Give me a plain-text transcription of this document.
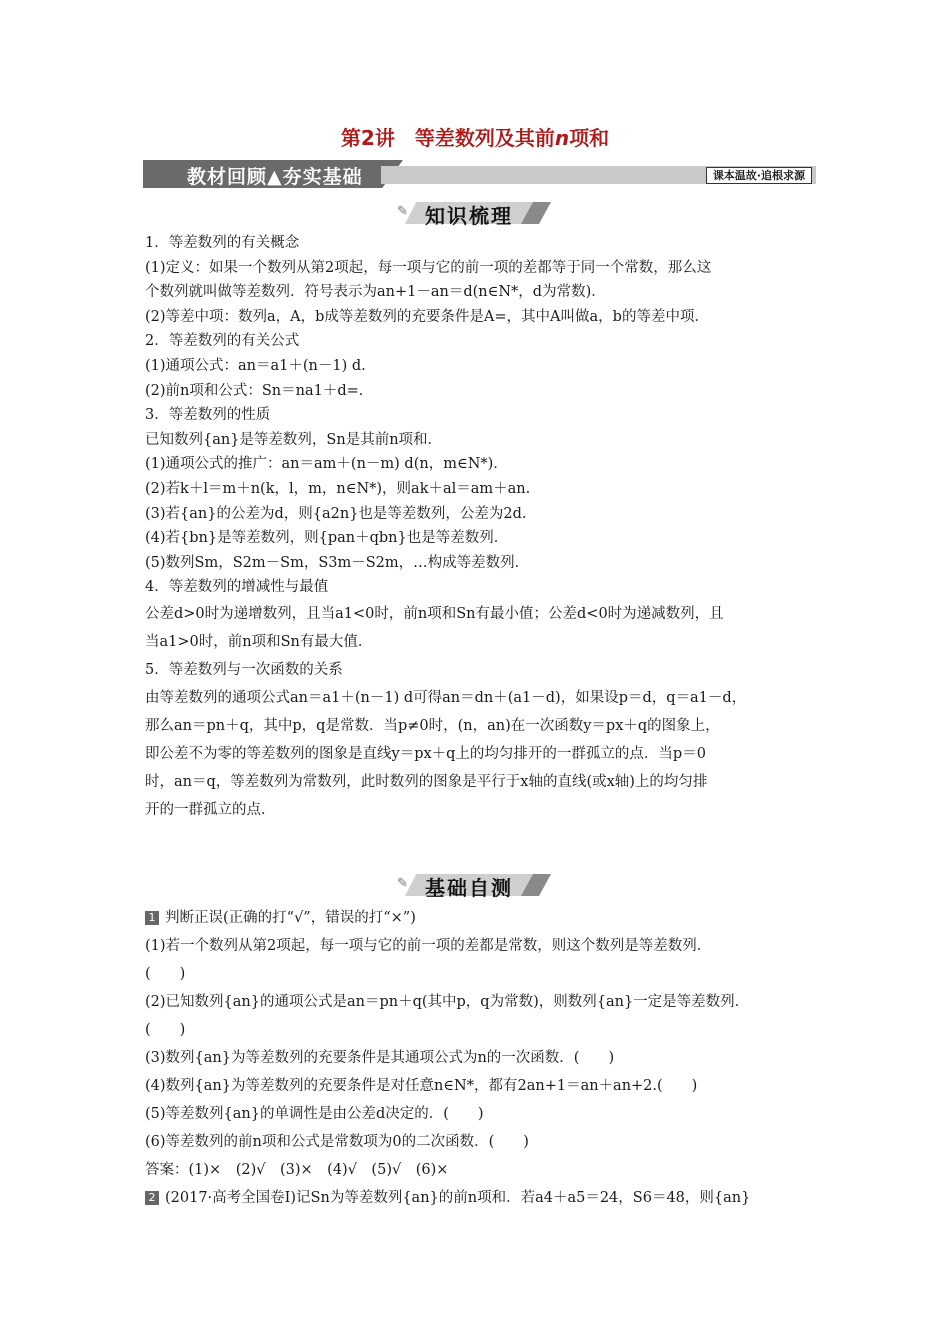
第2讲　等差数列及其前n项和
教材回顾▲夯实基础	课本温故·追根求源
✎ 知识梳理
1．等差数列的有关概念
(1)定义：如果一个数列从第2项起，每一项与它的前一项的差都等于同一个常数，那么这
个数列就叫做等差数列．符号表示为an+1－an＝d(n∈N*，d为常数)．
(2)等差中项：数列a，A，b成等差数列的充要条件是A=，其中A叫做a，b的等差中项．
2．等差数列的有关公式
(1)通项公式：an＝a1＋(n－1) d.
(2)前n项和公式：Sn＝na1＋d=．
3．等差数列的性质
已知数列{an}是等差数列，Sn是其前n项和．
(1)通项公式的推广：an＝am＋(n－m) d(n，m∈N*)．
(2)若k＋l＝m＋n(k，l，m，n∈N*)，则ak＋al＝am＋an.
(3)若{an}的公差为d，则{a2n}也是等差数列，公差为2d.
(4)若{bn}是等差数列，则{pan＋qbn}也是等差数列．
(5)数列Sm，S2m－Sm，S3m－S2m，…构成等差数列．
4．等差数列的增减性与最值
公差d>0时为递增数列，且当a1<0时，前n项和Sn有最小值；公差d<0时为递减数列，且
当a1>0时，前n项和Sn有最大值．
5．等差数列与一次函数的关系
由等差数列的通项公式an＝a1＋(n－1) d可得an＝dn＋(a1－d)，如果设p＝d，q＝a1－d，
那么an＝pn＋q，其中p，q是常数．当p≠0时，(n，an)在一次函数y＝px＋q的图象上，
即公差不为零的等差数列的图象是直线y＝px＋q上的均匀排开的一群孤立的点．当p＝0
时，an＝q，等差数列为常数列，此时数列的图象是平行于x轴的直线(或x轴)上的均匀排
开的一群孤立的点．
✎ 基础自测
1 判断正误(正确的打“√”，错误的打“×”)
(1)若一个数列从第2项起，每一项与它的前一项的差都是常数，则这个数列是等差数列．
(　　)
(2)已知数列{an}的通项公式是an＝pn＋q(其中p，q为常数)，则数列{an}一定是等差数列．
(　　)
(3)数列{an}为等差数列的充要条件是其通项公式为n的一次函数．(　　)
(4)数列{an}为等差数列的充要条件是对任意n∈N*，都有2an+1＝an＋an+2.(　　)
(5)等差数列{an}的单调性是由公差d决定的．(　　)
(6)等差数列的前n项和公式是常数项为0的二次函数．(　　)
答案：(1)×　(2)√　(3)×　(4)√　(5)√　(6)×
2 (2017·高考全国卷Ⅰ)记Sn为等差数列{an}的前n项和．若a4＋a5＝24，S6＝48，则{an}
